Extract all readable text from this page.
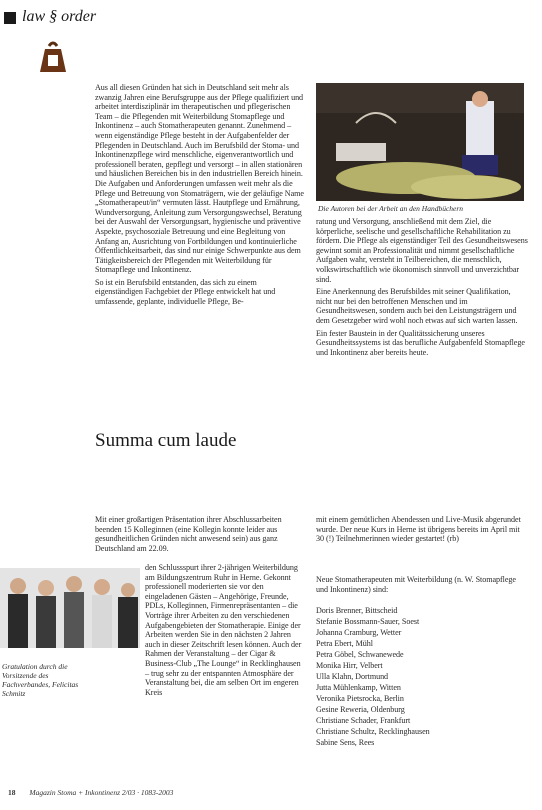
law § order

Aus all diesen Gründen hat sich in Deutschland seit mehr als zwanzig Jahren eine Berufsgruppe aus der Pflege qualifiziert und arbeitet interdisziplinär im therapeutischen und pflegerischen Team – die Pflegenden mit Weiterbildung Stomapflege und Inkontinenz – auch Stomatherapeuten genannt. Zunehmend – wenn eigenständige Pflege besteht in der Aufgabenfelder der Pflegenden in Deutschland. Auch im Berufsbild der Stoma- und Inkontinenzpflege wird menschliche, eigenverantwortlich und professionell beraten, gepflegt und versorgt – in allen stationären und häuslichen Bereichen bis in den industriellen Bereich hinein. Die Aufgaben und Anforderungen umfassen weit mehr als die Pflege und Betreuung von Stomaträgern, wie der geläufige Name „Stomatherapeut/in“ vermuten lässt. Hautpflege und Ernährung, Wundversorgung, Anleitung zum Versorgungswechsel, Beratung bei der Auswahl der Versorgungsart, hygienische und präventive Aspekte, psychosoziale Betreuung und eine Begleitung von Anfang an, Ausrichtung von Fortbildungen und kontinuierliche Öffentlichkeitsarbeit, das sind nur einige Schwerpunkte aus dem Tätigkeitsbereich der Pflegenden mit Weiterbildung für Stomapflege und Inkontinenz.

So ist ein Berufsbild entstanden, das sich zu einem eigenständigen Fachgebiet der Pflege entwickelt hat und umfassende, geplante, individuelle Pflege, Be-

Die Autoren bei der Arbeit an den Handbüchern

ratung und Versorgung, anschließend mit dem Ziel, die körperliche, seelische und gesellschaftliche Rehabilitation zu fördern. Die Pflege als eigenständiger Teil des Gesundheitswesens gewinnt somit an Professionalität und nimmt gesellschaftliche Aufgaben wahr, versteht in Teilbereichen, die menschlich, volkswirtschaftlich wie ökonomisch sinnvoll und unverzichtbar sind.

Eine Anerkennung des Berufsbildes mit seiner Qualifikation, nicht nur bei den betroffenen Menschen und im Gesundheitswesen, sondern auch bei den Leistungsträgern und dem Gesetzgeber wird wohl noch etwas auf sich warten lassen.

Ein fester Baustein in der Qualitätssicherung unseres Gesundheitssystems ist das berufliche Aufgabenfeld Stomapflege und Inkontinenz aber bereits heute.

Summa cum laude
Mit einer großartigen Präsentation ihrer Abschlussarbeiten beenden 15 Kolleginnen (eine Kollegin konnte leider aus gesundheitlichen Gründen nicht anwesend sein) aus ganz Deutschland am 22.09.
den Schlussspurt ihrer 2-jährigen Weiterbildung am Bildungszentrum Ruhr in Herne. Gekonnt professionell moderierten sie vor den eingeladenen Gästen – Angehörige, Freunde, PDLs, Kolleginnen, Firmenrepräsentanten – die Vorträge ihrer Arbeiten zu den verschiedenen Aufgabengebieten der Stomatherapie. Einige der Arbeiten werden Sie in den nächsten 2 Jahren auch in dieser Zeitschrift lesen können. Auch der Rahmen der Veranstaltung – der Cigar & Business-Club „The Lounge“ in Recklinghausen – trug sehr zu der entspannten Atmosphäre der Veranstaltung bei, die am selben Ort im engeren Kreis
Gratulation durch die Vorsitzende des Fachverbandes, Felicitas Schmitz
mit einem gemütlichen Abendessen und Live-Musik abgerundet wurde. Der neue Kurs in Herne ist übrigens bereits im April mit 30 (!) Teilnehmerinnen wieder gestartet! (rb)
Neue Stomatherapeuten mit Weiterbildung (n. W. Stomapflege und Inkontinenz) sind:
Doris Brenner, Bittscheid
Stefanie Bossmann-Sauer, Soest
Johanna Cramburg, Wetter
Petra Ebert, Mühl
Petra Göbel, Schwanewede
Monika Hirr, Velbert
Ulla Klahn, Dortmund
Jutta Mühlenkamp, Witten
Veronika Pietsrocka, Berlin
Gesine Reweria, Oldenburg
Christiane Schader, Frankfurt
Christiane Schultz, Recklinghausen
Sabine Sens, Rees
18 Magazin Stoma + Inkontinenz 2/03 · 1083-2003
